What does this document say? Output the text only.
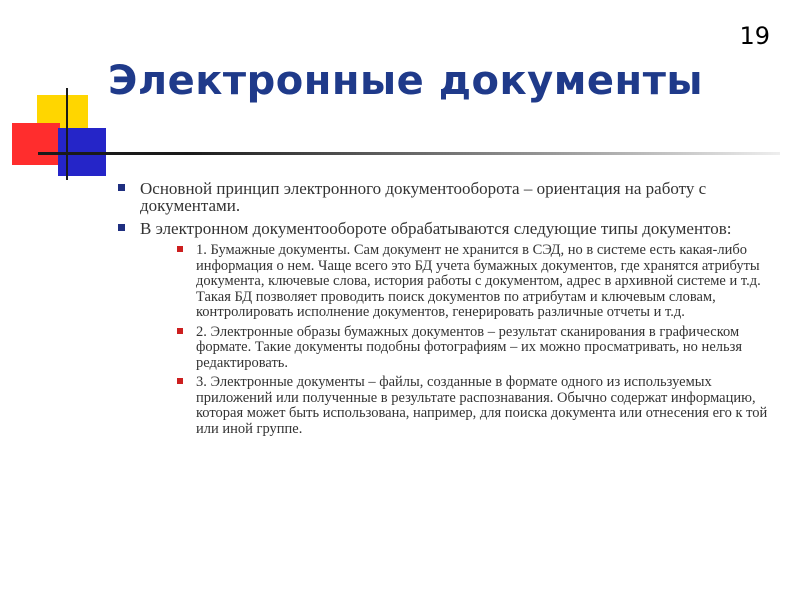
19
Электронные документы
Основной принцип электронного документооборота – ориентация на работу с документами.
В электронном документообороте обрабатываются следующие типы документов:
1. Бумажные документы. Сам документ не хранится в СЭД, но в системе есть какая-либо информация о нем. Чаще всего это БД учета бумажных документов, где хранятся атрибуты документа, ключевые слова, история работы с документом, адрес в архивной системе и т.д. Такая БД позволяет проводить поиск документов по атрибутам и ключевым словам, контролировать исполнение документов, генерировать различные отчеты и т.д.
2. Электронные образы бумажных документов – результат сканирования в графическом формате. Такие документы подобны фотографиям – их можно просматривать, но нельзя редактировать.
3. Электронные документы – файлы, созданные в формате одного из используемых приложений или полученные в результате распознавания. Обычно содержат информацию, которая может быть использована, например, для поиска документа или отнесения его к той или иной группе.
